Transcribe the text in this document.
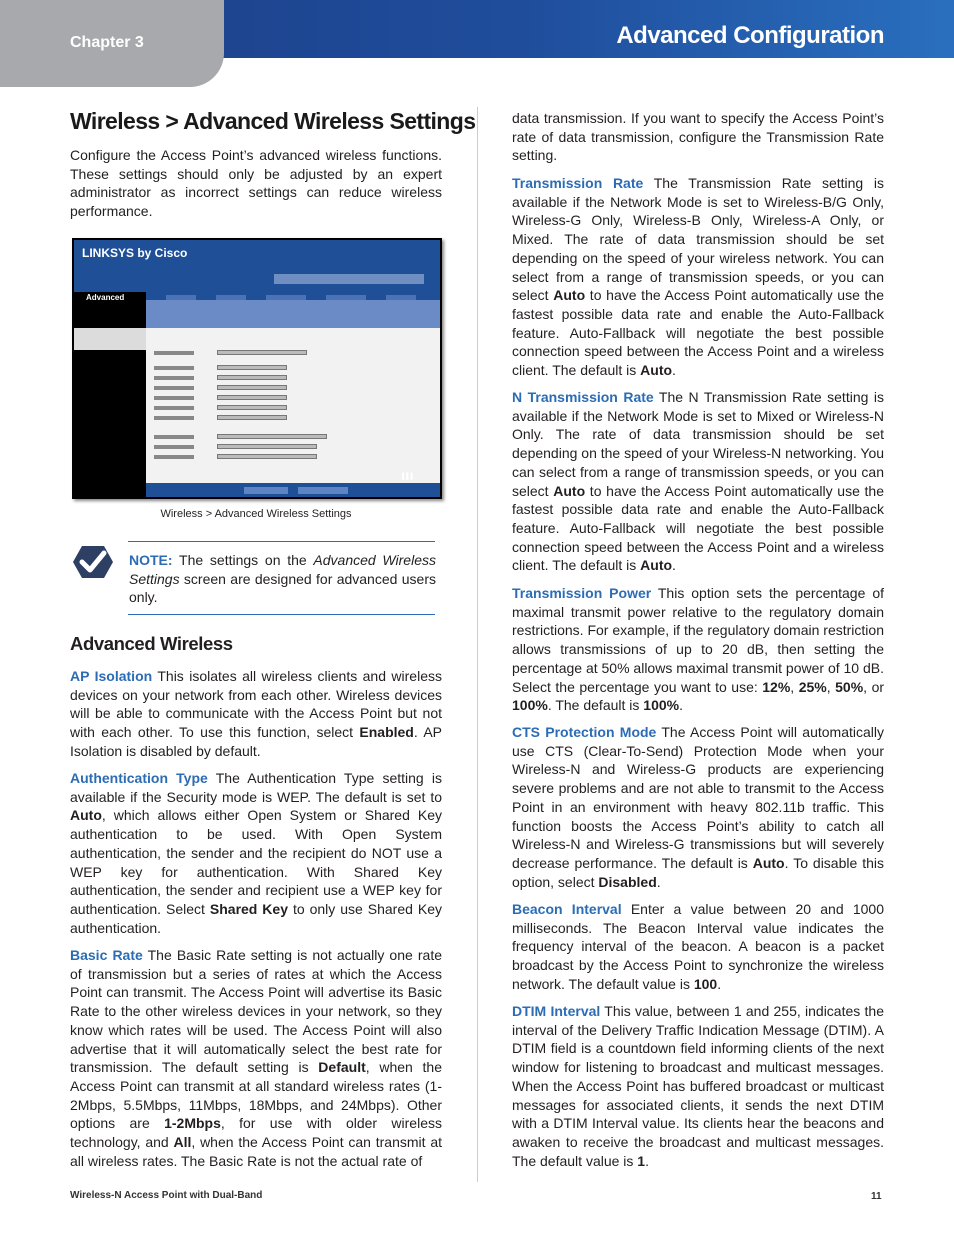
Chapter 3	Advanced Configuration
Wireless > Advanced Wireless Settings
Configure the Access Point’s advanced wireless functions. These settings should only be adjusted by an expert administrator as incorrect settings can reduce wireless performance.
LINKSYS by Cisco
Advanced
▌▌▌
Wireless > Advanced Wireless Settings
NOTE: The settings on the Advanced Wireless Settings screen are designed for advanced users only.
Advanced Wireless
AP Isolation This isolates all wireless clients and wireless devices on your network from each other. Wireless devices will be able to communicate with the Access Point but not with each other. To use this function, select Enabled. AP Isolation is disabled by default.
Authentication Type The Authentication Type setting is available if the Security mode is WEP. The default is set to Auto, which allows either Open System or Shared Key authentication to be used. With Open System authentication, the sender and the recipient do NOT use a WEP key for authentication. With Shared Key authentication, the sender and recipient use a WEP key for authentication. Select Shared Key to only use Shared Key authentication.
Basic Rate The Basic Rate setting is not actually one rate of transmission but a series of rates at which the Access Point can transmit. The Access Point will advertise its Basic Rate to the other wireless devices in your network, so they know which rates will be used. The Access Point will also advertise that it will automatically select the best rate for transmission. The default setting is Default, when the Access Point can transmit at all standard wireless rates (1-2Mbps, 5.5Mbps, 11Mbps, 18Mbps, and 24Mbps). Other options are 1-2Mbps, for use with older wireless technology, and All, when the Access Point can transmit at all wireless rates. The Basic Rate is not the actual rate of
data transmission. If you want to specify the Access Point’s rate of data transmission, configure the Transmission Rate setting.
Transmission Rate The Transmission Rate setting is available if the Network Mode is set to Wireless-B/G Only, Wireless-G Only, Wireless-B Only, Wireless-A Only, or Mixed. The rate of data transmission should be set depending on the speed of your wireless network. You can select from a range of transmission speeds, or you can select Auto to have the Access Point automatically use the fastest possible data rate and enable the Auto-Fallback feature. Auto-Fallback will negotiate the best possible connection speed between the Access Point and a wireless client. The default is Auto.
N Transmission Rate The N Transmission Rate setting is available if the Network Mode is set to Mixed or Wireless-N Only. The rate of data transmission should be set depending on the speed of your Wireless-N networking. You can select from a range of transmission speeds, or you can select Auto to have the Access Point automatically use the fastest possible data rate and enable the Auto-Fallback feature. Auto-Fallback will negotiate the best possible connection speed between the Access Point and a wireless client. The default is Auto.
Transmission Power This option sets the percentage of maximal transmit power relative to the regulatory domain restrictions. For example, if the regulatory domain restriction allows transmissions of up to 20 dB, then setting the percentage at 50% allows maximal transmit power of 10 dB. Select the percentage you want to use: 12%, 25%, 50%, or 100%. The default is 100%.
CTS Protection Mode The Access Point will automatically use CTS (Clear-To-Send) Protection Mode when your Wireless-N and Wireless-G products are experiencing severe problems and are not able to transmit to the Access Point in an environment with heavy 802.11b traffic. This function boosts the Access Point’s ability to catch all Wireless-N and Wireless-G transmissions but will severely decrease performance. The default is Auto. To disable this option, select Disabled.
Beacon Interval Enter a value between 20 and 1000 milliseconds. The Beacon Interval value indicates the frequency interval of the beacon. A beacon is a packet broadcast by the Access Point to synchronize the wireless network. The default value is 100.
DTIM Interval This value, between 1 and 255, indicates the interval of the Delivery Traffic Indication Message (DTIM). A DTIM field is a countdown field informing clients of the next window for listening to broadcast and multicast messages. When the Access Point has buffered broadcast or multicast messages for associated clients, it sends the next DTIM with a DTIM Interval value. Its clients hear the beacons and awaken to receive the broadcast and multicast messages. The default value is 1.
Wireless-N Access Point with Dual-Band	11
